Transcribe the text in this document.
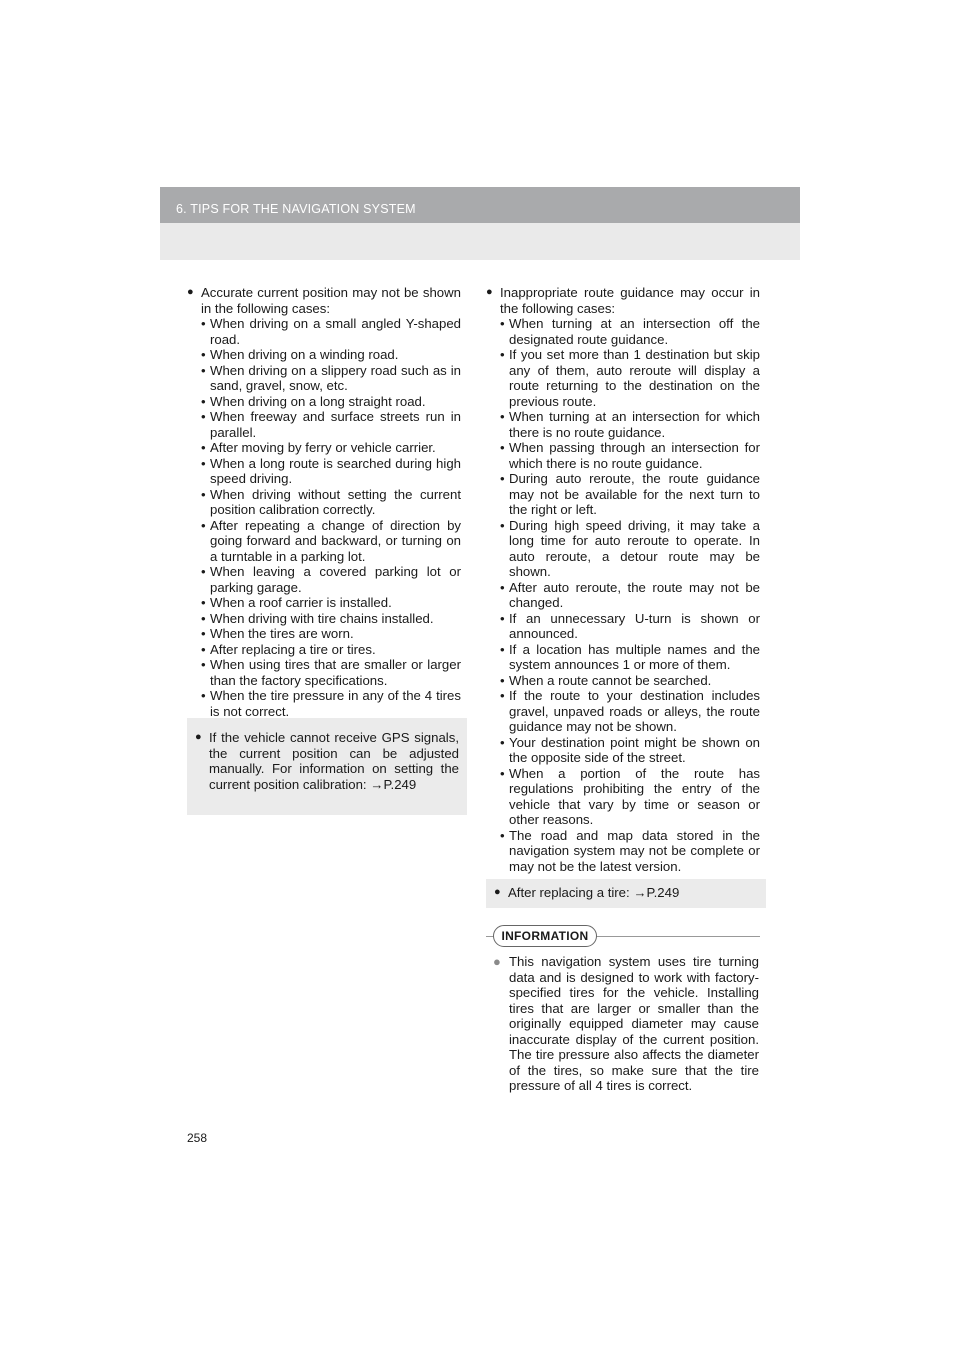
6. TIPS FOR THE NAVIGATION SYSTEM
● Accurate current position may not be shown in the following cases:
• When driving on a small angled Y-shaped road.
• When driving on a winding road.
• When driving on a slippery road such as in sand, gravel, snow, etc.
• When driving on a long straight road.
• When freeway and surface streets run in parallel.
• After moving by ferry or vehicle carrier.
• When a long route is searched during high speed driving.
• When driving without setting the current position calibration correctly.
• After repeating a change of direction by going forward and backward, or turning on a turntable in a parking lot.
• When leaving a covered parking lot or parking garage.
• When a roof carrier is installed.
• When driving with tire chains installed.
• When the tires are worn.
• After replacing a tire or tires.
• When using tires that are smaller or larger than the factory specifications.
• When the tire pressure in any of the 4 tires is not correct.
● If the vehicle cannot receive GPS signals, the current position can be adjusted manually. For information on setting the current position calibration: →P.249
● Inappropriate route guidance may occur in the following cases:
• When turning at an intersection off the designated route guidance.
• If you set more than 1 destination but skip any of them, auto reroute will display a route returning to the destination on the previous route.
• When turning at an intersection for which there is no route guidance.
• When passing through an intersection for which there is no route guidance.
• During auto reroute, the route guidance may not be available for the next turn to the right or left.
• During high speed driving, it may take a long time for auto reroute to operate. In auto reroute, a detour route may be shown.
• After auto reroute, the route may not be changed.
• If an unnecessary U-turn is shown or announced.
• If a location has multiple names and the system announces 1 or more of them.
• When a route cannot be searched.
• If the route to your destination includes gravel, unpaved roads or alleys, the route guidance may not be shown.
• Your destination point might be shown on the opposite side of the street.
• When a portion of the route has regulations prohibiting the entry of the vehicle that vary by time or season or other reasons.
• The road and map data stored in the navigation system may not be complete or may not be the latest version.
● After replacing a tire: →P.249
INFORMATION
● This navigation system uses tire turning data and is designed to work with factory-specified tires for the vehicle. Installing tires that are larger or smaller than the originally equipped diameter may cause inaccurate display of the current position. The tire pressure also affects the diameter of the tires, so make sure that the tire pressure of all 4 tires is correct.
258
